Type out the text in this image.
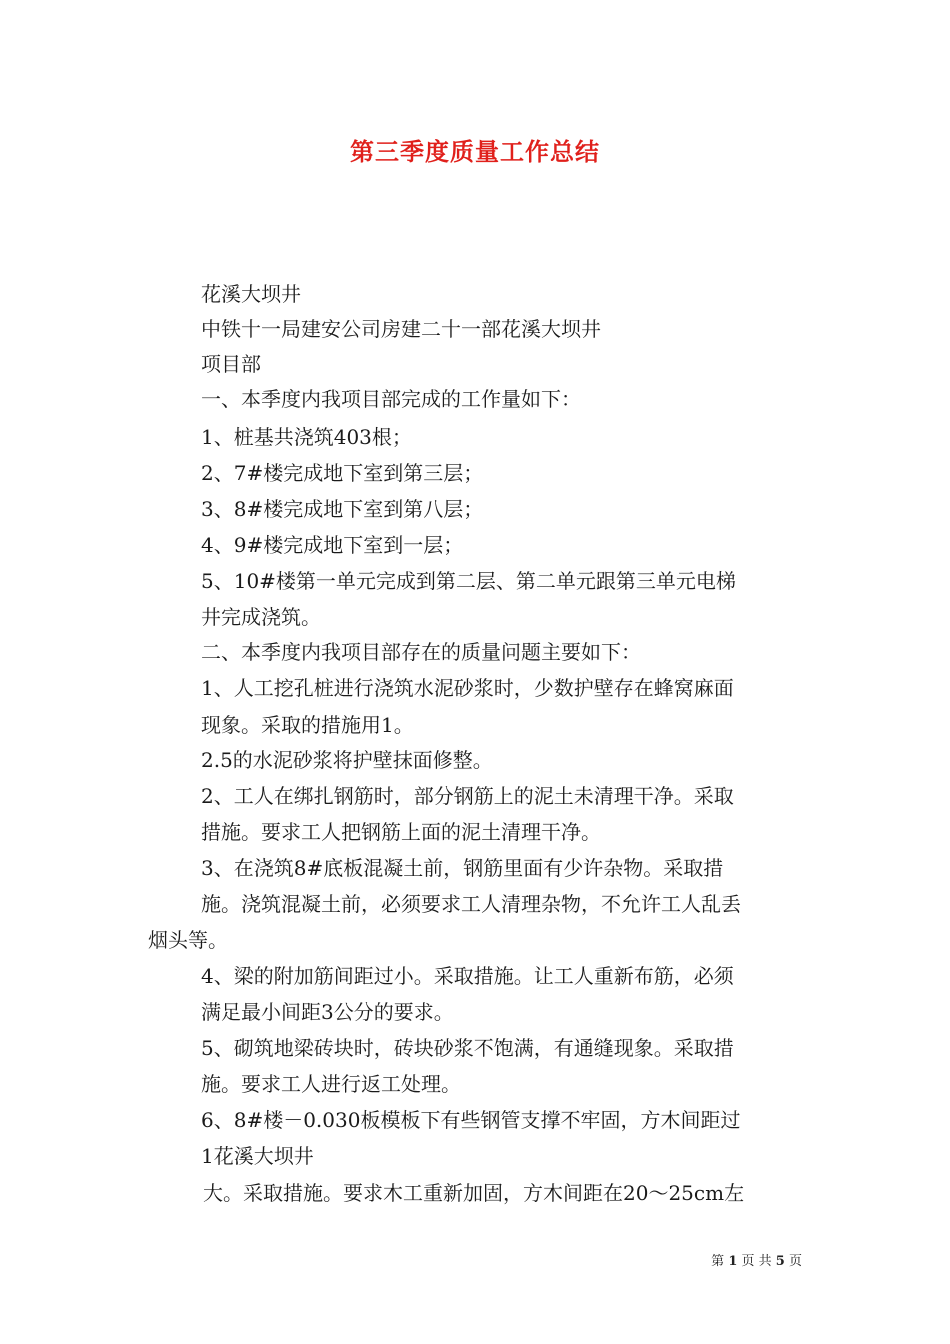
第三季度质量工作总结
花溪大坝井
中铁十一局建安公司房建二十一部花溪大坝井
项目部
一、本季度内我项目部完成的工作量如下：
1、桩基共浇筑403根；
2、7#楼完成地下室到第三层；
3、8#楼完成地下室到第八层；
4、9#楼完成地下室到一层；
5、10#楼第一单元完成到第二层、第二单元跟第三单元电梯
井完成浇筑。
二、本季度内我项目部存在的质量问题主要如下：
1、人工挖孔桩进行浇筑水泥砂浆时，少数护壁存在蜂窝麻面
现象。采取的措施用1。
2.5的水泥砂浆将护壁抹面修整。
2、工人在绑扎钢筋时，部分钢筋上的泥土未清理干净。采取
措施。要求工人把钢筋上面的泥土清理干净。
3、在浇筑8#底板混凝土前，钢筋里面有少许杂物。采取措
施。浇筑混凝土前，必须要求工人清理杂物，不允许工人乱丢
烟头等。
4、梁的附加筋间距过小。采取措施。让工人重新布筋，必须
满足最小间距3公分的要求。
5、砌筑地梁砖块时，砖块砂浆不饱满，有通缝现象。采取措
施。要求工人进行返工处理。
6、8#楼－0.030板模板下有些钢管支撑不牢固，方木间距过
1花溪大坝井
大。采取措施。要求木工重新加固，方木间距在20～25cm左
第 1 页 共 5 页
